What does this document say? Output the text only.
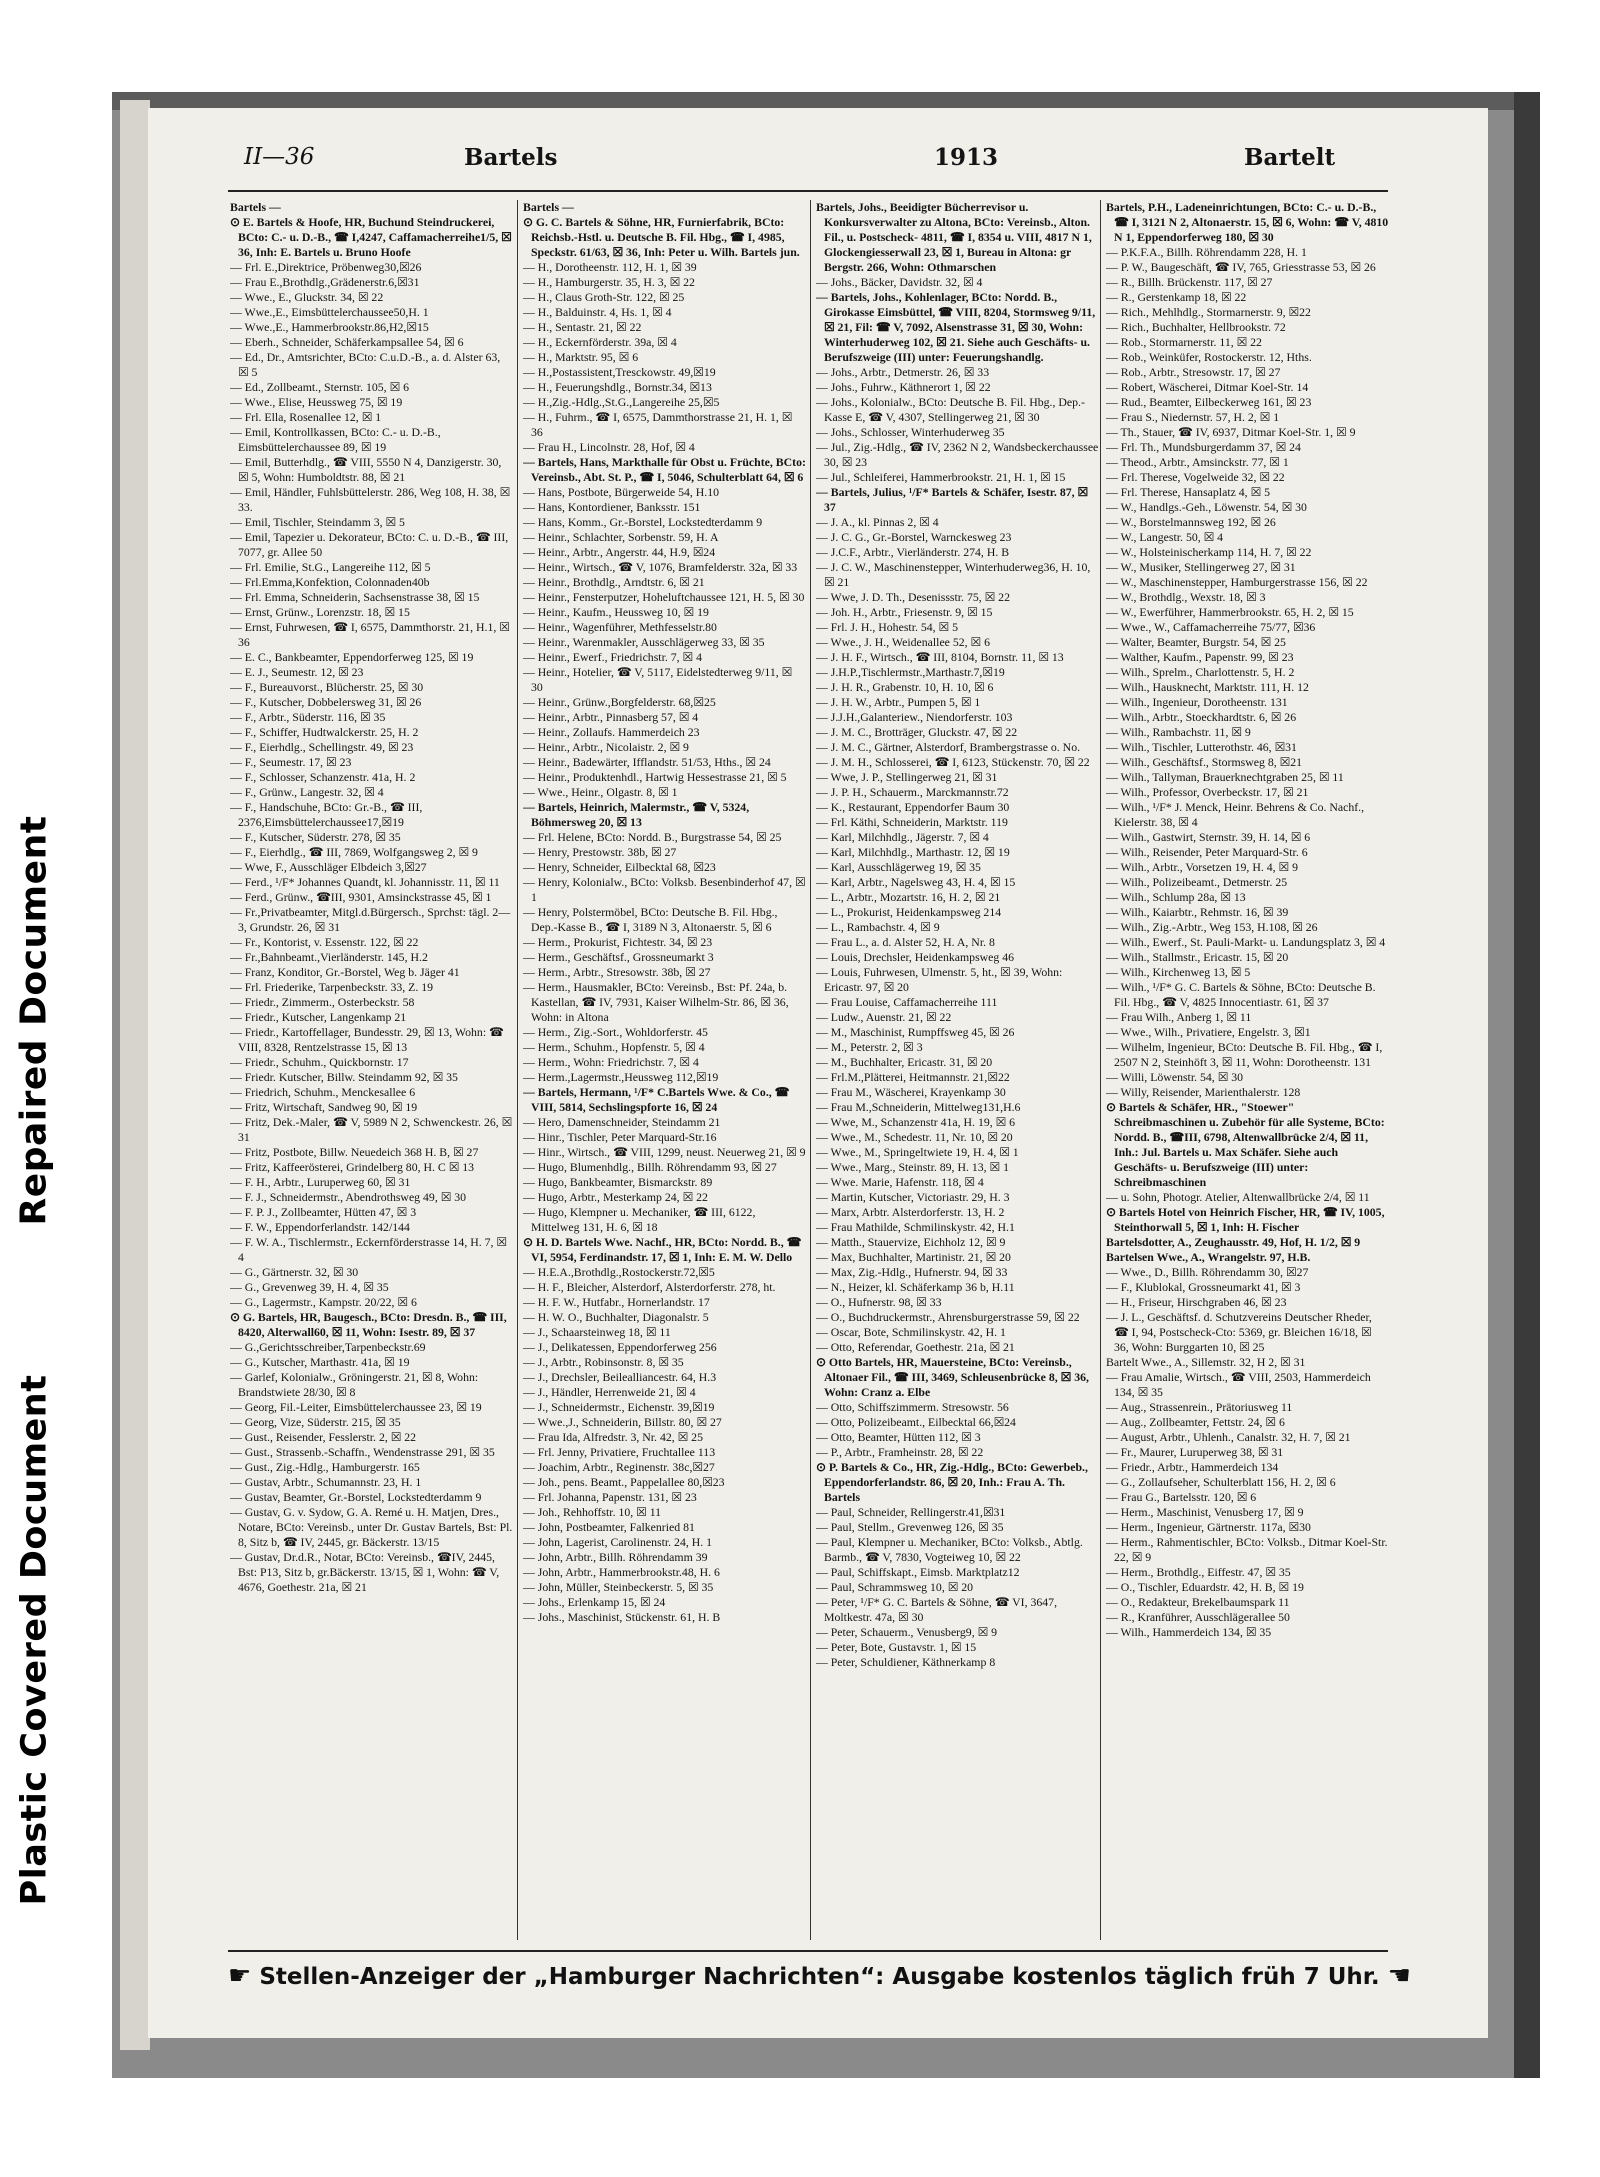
Repaired Document
Plastic Covered Document
II—36	Bartels	1913	Bartelt

Bartels —

⊙ E. Bartels & Hoofe, HR, Buchund Steindruckerei, BCto: C.- u. D.-B., ☎ I,4247, Caffamacherreihe1/5, ☒ 36, Inh: E. Bartels u. Bruno Hoofe

— Frl. E.,Direktrice, Pröbenweg30,☒26

— Frau E.,Brothdlg.,Grädenerstr.6,☒31

— Wwe., E., Gluckstr. 34, ☒ 22

— Wwe.,E., Eimsbüttelerchaussee50,H. 1

— Wwe.,E., Hammerbrookstr.86,H2,☒15

— Eberh., Schneider, Schäferkampsallee 54, ☒ 6

— Ed., Dr., Amtsrichter, BCto: C.u.D.-B., a. d. Alster 63, ☒ 5

— Ed., Zollbeamt., Sternstr. 105, ☒ 6

— Wwe., Elise, Heussweg 75, ☒ 19

— Frl. Ella, Rosenallee 12, ☒ 1

— Emil, Kontrollkassen, BCto: C.- u. D.-B., Eimsbüttelerchaussee 89, ☒ 19

— Emil, Butterhdlg., ☎ VIII, 5550 N 4, Danzigerstr. 30, ☒ 5, Wohn: Humboldtstr. 88, ☒ 21

— Emil, Händler, Fuhlsbüttelerstr. 286, Weg 108, H. 38, ☒ 33.

— Emil, Tischler, Steindamm 3, ☒ 5

— Emil, Tapezier u. Dekorateur, BCto: C. u. D.-B., ☎ III, 7077, gr. Allee 50

— Frl. Emilie, St.G., Langereihe 112, ☒ 5

— Frl.Emma,Konfektion, Colonnaden40b

— Frl. Emma, Schneiderin, Sachsenstrasse 38, ☒ 15

— Ernst, Grünw., Lorenzstr. 18, ☒ 15

— Ernst, Fuhrwesen, ☎ I, 6575, Dammthorstr. 21, H.1, ☒ 36

— E. C., Bankbeamter, Eppendorferweg 125, ☒ 19

— E. J., Seumestr. 12, ☒ 23

— F., Bureauvorst., Blücherstr. 25, ☒ 30

— F., Kutscher, Dobbelersweg 31, ☒ 26

— F., Arbtr., Süderstr. 116, ☒ 35

— F., Schiffer, Hudtwalckerstr. 25, H. 2

— F., Eierhdlg., Schellingstr. 49, ☒ 23

— F., Seumestr. 17, ☒ 23

— F., Schlosser, Schanzenstr. 41a, H. 2

— F., Grünw., Langestr. 32, ☒ 4

— F., Handschuhe, BCto: Gr.-B., ☎ III, 2376,Eimsbüttelerchaussee17,☒19

— F., Kutscher, Süderstr. 278, ☒ 35

— F., Eierhdlg., ☎ III, 7869, Wolfgangsweg 2, ☒ 9

— Wwe, F., Ausschläger Elbdeich 3,☒27

— Ferd., ¹/F* Johannes Quandt, kl. Johannisstr. 11, ☒ 11

— Ferd., Grünw., ☎III, 9301, Amsinckstrasse 45, ☒ 1

— Fr.,Privatbeamter, Mitgl.d.Bürgersch., Sprchst: tägl. 2—3, Grundstr. 26, ☒ 31

— Fr., Kontorist, v. Essenstr. 122, ☒ 22

— Fr.,Bahnbeamt.,Vierländerstr. 145, H.2

— Franz, Konditor, Gr.-Borstel, Weg b. Jäger 41

— Frl. Friederike, Tarpenbeckstr. 33, Z. 19

— Friedr., Zimmerm., Osterbeckstr. 58

— Friedr., Kutscher, Langenkamp 21

— Friedr., Kartoffellager, Bundesstr. 29, ☒ 13, Wohn: ☎ VIII, 8328, Rentzelstrasse 15, ☒ 13

— Friedr., Schuhm., Quickbornstr. 17

— Friedr. Kutscher, Billw. Steindamm 92, ☒ 35

— Friedrich, Schuhm., Menckesallee 6

— Fritz, Wirtschaft, Sandweg 90, ☒ 19

— Fritz, Dek.-Maler, ☎ V, 5989 N 2, Schwenckestr. 26, ☒ 31

— Fritz, Postbote, Billw. Neuedeich 368 H. B, ☒ 27

— Fritz, Kaffeerösterei, Grindelberg 80, H. C ☒ 13

— F. H., Arbtr., Luruperweg 60, ☒ 31

— F. J., Schneidermstr., Abendrothsweg 49, ☒ 30

— F. P. J., Zollbeamter, Hütten 47, ☒ 3

— F. W., Eppendorferlandstr. 142/144

— F. W. A., Tischlermstr., Eckernförderstrasse 14, H. 7, ☒ 4

— G., Gärtnerstr. 32, ☒ 30

— G., Grevenweg 39, H. 4, ☒ 35

— G., Lagermstr., Kampstr. 20/22, ☒ 6

⊙ G. Bartels, HR, Baugesch., BCto: Dresdn. B., ☎ III, 8420, Alterwall60, ☒ 11, Wohn: Isestr. 89, ☒ 37

— G.,Gerichtsschreiber,Tarpenbeckstr.69

— G., Kutscher, Marthastr. 41a, ☒ 19

— Garlef, Kolonialw., Gröningerstr. 21, ☒ 8, Wohn: Brandstwiete 28/30, ☒ 8

— Georg, Fil.-Leiter, Eimsbüttelerchaussee 23, ☒ 19

— Georg, Vize, Süderstr. 215, ☒ 35

— Gust., Reisender, Fesslerstr. 2, ☒ 22

— Gust., Strassenb.-Schaffn., Wendenstrasse 291, ☒ 35

— Gust., Zig.-Hdlg., Hamburgerstr. 165

— Gustav, Arbtr., Schumannstr. 23, H. 1

— Gustav, Beamter, Gr.-Borstel, Lockstedterdamm 9

— Gustav, G. v. Sydow, G. A. Remé u. H. Matjen, Dres., Notare, BCto: Vereinsb., unter Dr. Gustav Bartels, Bst: Pl. 8, Sitz b, ☎ IV, 2445, gr. Bäckerstr. 13/15

— Gustav, Dr.d.R., Notar, BCto: Vereinsb., ☎IV, 2445, Bst: P13, Sitz b, gr.Bäckerstr. 13/15, ☒ 1, Wohn: ☎ V, 4676, Goethestr. 21a, ☒ 21

Bartels —

⊙ G. C. Bartels & Söhne, HR, Furnierfabrik, BCto: Reichsb.-Hstl. u. Deutsche B. Fil. Hbg., ☎ I, 4985, Speckstr. 61/63, ☒ 36, Inh: Peter u. Wilh. Bartels jun.

— H., Dorotheenstr. 112, H. 1, ☒ 39

— H., Hamburgerstr. 35, H. 3, ☒ 22

— H., Claus Groth-Str. 122, ☒ 25

— H., Balduinstr. 4, Hs. 1, ☒ 4

— H., Sentastr. 21, ☒ 22

— H., Eckernförderstr. 39a, ☒ 4

— H., Marktstr. 95, ☒ 6

— H.,Postassistent,Tresckowstr. 49,☒19

— H., Feuerungshdlg., Bornstr.34, ☒13

— H.,Zig.-Hdlg.,St.G.,Langereihe 25,☒5

— H., Fuhrm., ☎ I, 6575, Dammthorstrasse 21, H. 1, ☒ 36

— Frau H., Lincolnstr. 28, Hof, ☒ 4

— Bartels, Hans, Markthalle für Obst u. Früchte, BCto: Vereinsb., Abt. St. P., ☎ I, 5046, Schulterblatt 64, ☒ 6

— Hans, Postbote, Bürgerweide 54, H.10

— Hans, Kontordiener, Banksstr. 151

— Hans, Komm., Gr.-Borstel, Lockstedterdamm 9

— Heinr., Schlachter, Sorbenstr. 59, H. A

— Heinr., Arbtr., Angerstr. 44, H.9, ☒24

— Heinr., Wirtsch., ☎ V, 1076, Bramfelderstr. 32a, ☒ 33

— Heinr., Brothdlg., Arndtstr. 6, ☒ 21

— Heinr., Fensterputzer, Hoheluftchaussee 121, H. 5, ☒ 30

— Heinr., Kaufm., Heussweg 10, ☒ 19

— Heinr., Wagenführer, Methfesselstr.80

— Heinr., Warenmakler, Ausschlägerweg 33, ☒ 35

— Heinr., Ewerf., Friedrichstr. 7, ☒ 4

— Heinr., Hotelier, ☎ V, 5117, Eidelstedterweg 9/11, ☒ 30

— Heinr., Grünw.,Borgfelderstr. 68,☒25

— Heinr., Arbtr., Pinnasberg 57, ☒ 4

— Heinr., Zollaufs. Hammerdeich 23

— Heinr., Arbtr., Nicolaistr. 2, ☒ 9

— Heinr., Badewärter, Ifflandstr. 51/53, Hths., ☒ 24

— Heinr., Produktenhdl., Hartwig Hessestrasse 21, ☒ 5

— Wwe., Heinr., Olgastr. 8, ☒ 1

— Bartels, Heinrich, Malermstr., ☎ V, 5324, Böhmersweg 20, ☒ 13

— Frl. Helene, BCto: Nordd. B., Burgstrasse 54, ☒ 25

— Henry, Prestowstr. 38b, ☒ 27

— Henry, Schneider, Eilbecktal 68, ☒23

— Henry, Kolonialw., BCto: Volksb. Besenbinderhof 47, ☒ 1

— Henry, Polstermöbel, BCto: Deutsche B. Fil. Hbg., Dep.-Kasse B., ☎ I, 3189 N 3, Altonaerstr. 5, ☒ 6

— Herm., Prokurist, Fichtestr. 34, ☒ 23

— Herm., Geschäftsf., Grossneumarkt 3

— Herm., Arbtr., Stresowstr. 38b, ☒ 27

— Herm., Hausmakler, BCto: Vereinsb., Bst: Pf. 24a, b. Kastellan, ☎ IV, 7931, Kaiser Wilhelm-Str. 86, ☒ 36, Wohn: in Altona

— Herm., Zig.-Sort., Wohldorferstr. 45

— Herm., Schuhm., Hopfenstr. 5, ☒ 4

— Herm., Wohn: Friedrichstr. 7, ☒ 4

— Herm.,Lagermstr.,Heussweg 112,☒19

— Bartels, Hermann, ¹/F* C.Bartels Wwe. & Co., ☎ VIII, 5814, Sechslingspforte 16, ☒ 24

— Hero, Damenschneider, Steindamm 21

— Hinr., Tischler, Peter Marquard-Str.16

— Hinr., Wirtsch., ☎ VIII, 1299, neust. Neuerweg 21, ☒ 9

— Hugo, Blumenhdlg., Billh. Röhrendamm 93, ☒ 27

— Hugo, Bankbeamter, Bismarckstr. 89

— Hugo, Arbtr., Mesterkamp 24, ☒ 22

— Hugo, Klempner u. Mechaniker, ☎ III, 6122, Mittelweg 131, H. 6, ☒ 18

⊙ H. D. Bartels Wwe. Nachf., HR, BCto: Nordd. B., ☎ VI, 5954, Ferdinandstr. 17, ☒ 1, Inh: E. M. W. Dello

— H.E.A.,Brothdlg.,Rostockerstr.72,☒5

— H. F., Bleicher, Alsterdorf, Alsterdorferstr. 278, ht.

— H. F. W., Hutfabr., Hornerlandstr. 17

— H. W. O., Buchhalter, Diagonalstr. 5

— J., Schaarsteinweg 18, ☒ 11

— J., Delikatessen, Eppendorferweg 256

— J., Arbtr., Robinsonstr. 8, ☒ 35

— J., Drechsler, Beilealliancestr. 64, H.3

— J., Händler, Herrenweide 21, ☒ 4

— J., Schneidermstr., Eichenstr. 39,☒19

— Wwe.,J., Schneiderin, Billstr. 80, ☒ 27

— Frau Ida, Alfredstr. 3, Nr. 42, ☒ 25

— Frl. Jenny, Privatiere, Fruchtallee 113

— Joachim, Arbtr., Reginenstr. 38c,☒27

— Joh., pens. Beamt., Pappelallee 80,☒23

— Frl. Johanna, Papenstr. 131, ☒ 23

— Joh., Rehhoffstr. 10, ☒ 11

— John, Postbeamter, Falkenried 81

— John, Lagerist, Carolinenstr. 24, H. 1

— John, Arbtr., Billh. Röhrendamm 39

— John, Arbtr., Hammerbrookstr.48, H. 6

— John, Müller, Steinbeckerstr. 5, ☒ 35

— Johs., Erlenkamp 15, ☒ 24

— Johs., Maschinist, Stückenstr. 61, H. B

Bartels, Johs., Beeidigter Bücherrevisor u. Konkursverwalter zu Altona, BCto: Vereinsb., Alton. Fil., u. Postscheck- 4811, ☎ I, 8354 u. VIII, 4817 N 1, Glockengiesserwall 23, ☒ 1, Bureau in Altona: gr Bergstr. 266, Wohn: Othmarschen

— Johs., Bäcker, Davidstr. 32, ☒ 4

— Bartels, Johs., Kohlenlager, BCto: Nordd. B., Girokasse Eimsbüttel, ☎ VIII, 8204, Stormsweg 9/11, ☒ 21, Fil: ☎ V, 7092, Alsenstrasse 31, ☒ 30, Wohn: Winterhuderweg 102, ☒ 21. Siehe auch Geschäfts- u. Berufszweige (III) unter: Feuerungshandlg.

— Johs., Arbtr., Detmerstr. 26, ☒ 33

— Johs., Fuhrw., Käthnerort 1, ☒ 22

— Johs., Kolonialw., BCto: Deutsche B. Fil. Hbg., Dep.-Kasse E, ☎ V, 4307, Stellingerweg 21, ☒ 30

— Johs., Schlosser, Winterhuderweg 35

— Jul., Zig.-Hdlg., ☎ IV, 2362 N 2, Wandsbeckerchaussee 30, ☒ 23

— Jul., Schleiferei, Hammerbrookstr. 21, H. 1, ☒ 15

— Bartels, Julius, ¹/F* Bartels & Schäfer, Isestr. 87, ☒ 37

— J. A., kl. Pinnas 2, ☒ 4

— J. C. G., Gr.-Borstel, Warnckesweg 23

— J.C.F., Arbtr., Vierländerstr. 274, H. B

— J. C. W., Maschinenstepper, Winterhuderweg36, H. 10, ☒ 21

— Wwe, J. D. Th., Desenissstr. 75, ☒ 22

— Joh. H., Arbtr., Friesenstr. 9, ☒ 15

— Frl. J. H., Hohestr. 54, ☒ 5

— Wwe., J. H., Weidenallee 52, ☒ 6

— J. H. F., Wirtsch., ☎ III, 8104, Bornstr. 11, ☒ 13

— J.H.P.,Tischlermstr.,Marthastr.7,☒19

— J. H. R., Grabenstr. 10, H. 10, ☒ 6

— J. H. W., Arbtr., Pumpen 5, ☒ 1

— J.J.H.,Galanteriew., Niendorferstr. 103

— J. M. C., Brotträger, Gluckstr. 47, ☒ 22

— J. M. C., Gärtner, Alsterdorf, Brambergstrasse o. No.

— J. M. H., Schlosserei, ☎ I, 6123, Stückenstr. 70, ☒ 22

— Wwe, J. P., Stellingerweg 21, ☒ 31

— J. P. H., Schauerm., Marckmannstr.72

— K., Restaurant, Eppendorfer Baum 30

— Frl. Käthi, Schneiderin, Marktstr. 119

— Karl, Milchhdlg., Jägerstr. 7, ☒ 4

— Karl, Milchhdlg., Marthastr. 12, ☒ 19

— Karl, Ausschlägerweg 19, ☒ 35

— Karl, Arbtr., Nagelsweg 43, H. 4, ☒ 15

— L., Arbtr., Mozartstr. 16, H. 2, ☒ 21

— L., Prokurist, Heidenkampsweg 214

— L., Rambachstr. 4, ☒ 9

— Frau L., a. d. Alster 52, H. A, Nr. 8

— Louis, Drechsler, Heidenkampsweg 46

— Louis, Fuhrwesen, Ulmenstr. 5, ht., ☒ 39, Wohn: Ericastr. 97, ☒ 20

— Frau Louise, Caffamacherreihe 111

— Ludw., Auenstr. 21, ☒ 22

— M., Maschinist, Rumpffsweg 45, ☒ 26

— M., Peterstr. 2, ☒ 3

— M., Buchhalter, Ericastr. 31, ☒ 20

— Frl.M.,Plätterei, Heitmannstr. 21,☒22

— Frau M., Wäscherei, Krayenkamp 30

— Frau M.,Schneiderin, Mittelweg131,H.6

— Wwe, M., Schanzenstr 41a, H. 19, ☒ 6

— Wwe., M., Schedestr. 11, Nr. 10, ☒ 20

— Wwe., M., Springeltwiete 19, H. 4, ☒ 1

— Wwe., Marg., Steinstr. 89, H. 13, ☒ 1

— Wwe. Marie, Hafenstr. 118, ☒ 4

— Martin, Kutscher, Victoriastr. 29, H. 3

— Marx, Arbtr. Alsterdorferstr. 13, H. 2

— Frau Mathilde, Schmilinskystr. 42, H.1

— Matth., Stauervize, Eichholz 12, ☒ 9

— Max, Buchhalter, Martinistr. 21, ☒ 20

— Max, Zig.-Hdlg., Hufnerstr. 94, ☒ 33

— N., Heizer, kl. Schäferkamp 36 b, H.11

— O., Hufnerstr. 98, ☒ 33

— O., Buchdruckermstr., Ahrensburgerstrasse 59, ☒ 22

— Oscar, Bote, Schmilinskystr. 42, H. 1

— Otto, Referendar, Goethestr. 21a, ☒ 21

⊙ Otto Bartels, HR, Mauersteine, BCto: Vereinsb., Altonaer Fil., ☎ III, 3469, Schleusenbrücke 8, ☒ 36, Wohn: Cranz a. Elbe

— Otto, Schiffszimmerm. Stresowstr. 56

— Otto, Polizeibeamt., Eilbecktal 66,☒24

— Otto, Beamter, Hütten 112, ☒ 3

— P., Arbtr., Framheinstr. 28, ☒ 22

⊙ P. Bartels & Co., HR, Zig.-Hdlg., BCto: Gewerbeb., Eppendorferlandstr. 86, ☒ 20, Inh.: Frau A. Th. Bartels

— Paul, Schneider, Rellingerstr.41,☒31

— Paul, Stellm., Grevenweg 126, ☒ 35

— Paul, Klempner u. Mechaniker, BCto: Volksb., Abtlg. Barmb., ☎ V, 7830, Vogteiweg 10, ☒ 22

— Paul, Schiffskapt., Eimsb. Marktplatz12

— Paul, Schrammsweg 10, ☒ 20

— Peter, ¹/F* G. C. Bartels & Söhne, ☎ VI, 3647, Moltkestr. 47a, ☒ 30

— Peter, Schauerm., Venusberg9, ☒ 9

— Peter, Bote, Gustavstr. 1, ☒ 15

— Peter, Schuldiener, Käthnerkamp 8

Bartels, P.H., Ladeneinrichtungen, BCto: C.- u. D.-B., ☎ I, 3121 N 2, Altonaerstr. 15, ☒ 6, Wohn: ☎ V, 4810 N 1, Eppendorferweg 180, ☒ 30

— P.K.F.A., Billh. Röhrendamm 228, H. 1

— P. W., Baugeschäft, ☎ IV, 765, Griesstrasse 53, ☒ 26

— R., Billh. Brückenstr. 117, ☒ 27

— R., Gerstenkamp 18, ☒ 22

— Rich., Mehlhdlg., Stormarnerstr. 9, ☒22

— Rich., Buchhalter, Hellbrookstr. 72

— Rob., Stormarnerstr. 11, ☒ 22

— Rob., Weinküfer, Rostockerstr. 12, Hths.

— Rob., Arbtr., Stresowstr. 17, ☒ 27

— Robert, Wäscherei, Ditmar Koel-Str. 14

— Rud., Beamter, Eilbeckerweg 161, ☒ 23

— Frau S., Niedernstr. 57, H. 2, ☒ 1

— Th., Stauer, ☎ IV, 6937, Ditmar Koel-Str. 1, ☒ 9

— Frl. Th., Mundsburgerdamm 37, ☒ 24

— Theod., Arbtr., Amsinckstr. 77, ☒ 1

— Frl. Therese, Vogelweide 32, ☒ 22

— Frl. Therese, Hansaplatz 4, ☒ 5

— W., Handlgs.-Geh., Löwenstr. 54, ☒ 30

— W., Borstelmannsweg 192, ☒ 26

— W., Langestr. 50, ☒ 4

— W., Holsteinischerkamp 114, H. 7, ☒ 22

— W., Musiker, Stellingerweg 27, ☒ 31

— W., Maschinenstepper, Hamburgerstrasse 156, ☒ 22

— W., Brothdlg., Wexstr. 18, ☒ 3

— W., Ewerführer, Hammerbrookstr. 65, H. 2, ☒ 15

— Wwe., W., Caffamacherreihe 75/77, ☒36

— Walter, Beamter, Burgstr. 54, ☒ 25

— Walther, Kaufm., Papenstr. 99, ☒ 23

— Wilh., Sprelm., Charlottenstr. 5, H. 2

— Wilh., Hausknecht, Marktstr. 111, H. 12

— Wilh., Ingenieur, Dorotheenstr. 131

— Wilh., Arbtr., Stoeckhardtstr. 6, ☒ 26

— Wilh., Rambachstr. 11, ☒ 9

— Wilh., Tischler, Lutterothstr. 46, ☒31

— Wilh., Geschäftsf., Stormsweg 8, ☒21

— Wilh., Tallyman, Brauerknechtgraben 25, ☒ 11

— Wilh., Professor, Overbeckstr. 17, ☒ 21

— Wilh., ¹/F* J. Menck, Heinr. Behrens & Co. Nachf., Kielerstr. 38, ☒ 4

— Wilh., Gastwirt, Sternstr. 39, H. 14, ☒ 6

— Wilh., Reisender, Peter Marquard-Str. 6

— Wilh., Arbtr., Vorsetzen 19, H. 4, ☒ 9

— Wilh., Polizeibeamt., Detmerstr. 25

— Wilh., Schlump 28a, ☒ 13

— Wilh., Kaiarbtr., Rehmstr. 16, ☒ 39

— Wilh., Zig.-Arbtr., Weg 153, H.108, ☒ 26

— Wilh., Ewerf., St. Pauli-Markt- u. Landungsplatz 3, ☒ 4

— Wilh., Stallmstr., Ericastr. 15, ☒ 20

— Wilh., Kirchenweg 13, ☒ 5

— Wilh., ¹/F* G. C. Bartels & Söhne, BCto: Deutsche B. Fil. Hbg., ☎ V, 4825 Innocentiastr. 61, ☒ 37

— Frau Wilh., Anberg 1, ☒ 11

— Wwe., Wilh., Privatiere, Engelstr. 3, ☒1

— Wilhelm, Ingenieur, BCto: Deutsche B. Fil. Hbg., ☎ I, 2507 N 2, Steinhöft 3, ☒ 11, Wohn: Dorotheenstr. 131

— Willi, Löwenstr. 54, ☒ 30

— Willy, Reisender, Marienthalerstr. 128

⊙ Bartels & Schäfer, HR., "Stoewer" Schreibmaschinen u. Zubehör für alle Systeme, BCto: Nordd. B., ☎III, 6798, Altenwallbrücke 2/4, ☒ 11, Inh.: Jul. Bartels u. Max Schäfer. Siehe auch Geschäfts- u. Berufszweige (III) unter: Schreibmaschinen

— u. Sohn, Photogr. Atelier, Altenwallbrücke 2/4, ☒ 11

⊙ Bartels Hotel von Heinrich Fischer, HR, ☎ IV, 1005, Steinthorwall 5, ☒ 1, Inh: H. Fischer

Bartelsdotter, A., Zeughausstr. 49, Hof, H. 1/2, ☒ 9

Bartelsen Wwe., A., Wrangelstr. 97, H.B.

— Wwe., D., Billh. Röhrendamm 30, ☒27

— F., Klublokal, Grossneumarkt 41, ☒ 3

— H., Friseur, Hirschgraben 46, ☒ 23

— J. L., Geschäftsf. d. Schutzvereins Deutscher Rheder, ☎ I, 94, Postscheck-Cto: 5369, gr. Bleichen 16/18, ☒ 36, Wohn: Burggarten 10, ☒ 25

Bartelt Wwe., A., Sillemstr. 32, H 2, ☒ 31

— Frau Amalie, Wirtsch., ☎ VIII, 2503, Hammerdeich 134, ☒ 35

— Aug., Strassenrein., Prätoriusweg 11

— Aug., Zollbeamter, Fettstr. 24, ☒ 6

— August, Arbtr., Uhlenh., Canalstr. 32, H. 7, ☒ 21

— Fr., Maurer, Luruperweg 38, ☒ 31

— Friedr., Arbtr., Hammerdeich 134

— G., Zollaufseher, Schulterblatt 156, H. 2, ☒ 6

— Frau G., Bartelsstr. 120, ☒ 6

— Herm., Maschinist, Venusberg 17, ☒ 9

— Herm., Ingenieur, Gärtnerstr. 117a, ☒30

— Herm., Rahmentischler, BCto: Volksb., Ditmar Koel-Str. 22, ☒ 9

— Herm., Brothdlg., Eiffestr. 47, ☒ 35

— O., Tischler, Eduardstr. 42, H. B, ☒ 19

— O., Redakteur, Brekelbaumspark 11

— R., Kranführer, Ausschlägerallee 50

— Wilh., Hammerdeich 134, ☒ 35

☛ Stellen-Anzeiger der „Hamburger Nachrichten“: Ausgabe kostenlos täglich früh 7 Uhr. ☚
